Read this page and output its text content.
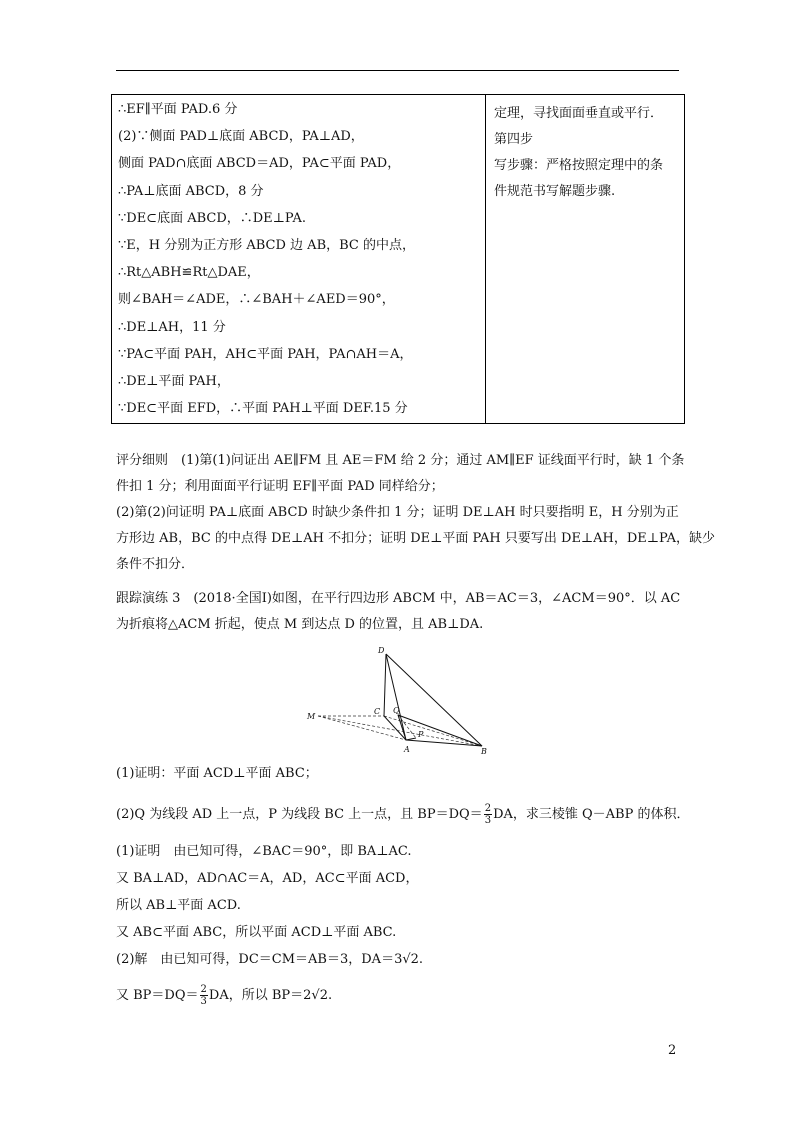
∴EF∥平面 PAD.6 分
(2)∵侧面 PAD⊥底面 ABCD，PA⊥AD，
侧面 PAD∩底面 ABCD＝AD，PA⊂平面 PAD，
∴PA⊥底面 ABCD，8 分
∵DE⊂底面 ABCD，∴DE⊥PA.
∵E，H 分别为正方形 ABCD 边 AB，BC 的中点，
∴Rt△ABH≌Rt△DAE，
则∠BAH＝∠ADE，∴∠BAH＋∠AED＝90°，
∴DE⊥AH，11 分
∵PA⊂平面 PAH，AH⊂平面 PAH，PA∩AH＝A，
∴DE⊥平面 PAH，
∵DE⊂平面 EFD，∴平面 PAH⊥平面 DEF.15 分
定理，寻找面面垂直或平行．
第四步
写步骤：严格按照定理中的条
件规范书写解题步骤.
评分细则　(1)第(1)问证出 AE∥FM 且 AE＝FM 给 2 分；通过 AM∥EF 证线面平行时，缺 1 个条
件扣 1 分；利用面面平行证明 EF∥平面 PAD 同样给分；
(2)第(2)问证明 PA⊥底面 ABCD 时缺少条件扣 1 分；证明 DE⊥AH 时只要指明 E，H 分别为正
方形边 AB，BC 的中点得 DE⊥AH 不扣分；证明 DE⊥平面 PAH 只要写出 DE⊥AH，DE⊥PA，缺少
条件不扣分．
跟踪演练 3　(2018·全国Ⅰ)如图，在平行四边形 ABCM 中，AB＝AC＝3，∠ACM＝90°．以 AC
为折痕将△ACM 折起，使点 M 到达点 D 的位置，且 AB⊥DA.
D
C Q
M
P
A	B
(1)证明：平面 ACD⊥平面 ABC；
(2)Q 为线段 AD 上一点，P 为线段 BC 上一点，且 $BP=DQ= \frac{2}{3}$ DA，求三棱锥 Q－ABP 的体积．
(1)证明　由已知可得，∠BAC＝90°，即 BA⊥AC.
又 BA⊥AD，AD∩AC＝A，AD，AC⊂平面 ACD，
所以 AB⊥平面 ACD.
又 AB⊂平面 ABC，所以平面 ACD⊥平面 ABC.
(2)解　由已知可得，DC＝CM＝AB＝3，DA＝3√2.
又 $BP=DQ= \frac{2}{3}$ DA，所以 BP＝2√2.
2
